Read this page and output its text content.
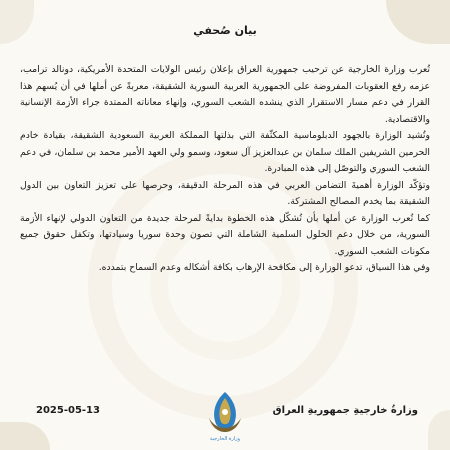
بيان صُحفي

تُعرب وزارة الخارجية عن ترحيب جمهورية العراق بإعلان رئيس الولايات المتحدة الأمريكية، دونالد ترامب، عزمه رفع العقوبات المفروضة على الجمهورية العربية السورية الشقيقة، معربةً عن أملها في أن يُسهم هذا القرار في دعم مسار الاستقرار الذي ينشده الشعب السوري، وإنهاء معاناته الممتدة جراء الأزمة الإنسانية والاقتصادية.

وتُشيد الوزارة بالجهود الدبلوماسية المكثّفة التي بذلتها المملكة العربية السعودية الشقيقة، بقيادة خادم الحرمين الشريفين الملك سلمان بن عبدالعزيز آل سعود، وسمو ولي العهد الأمير محمد بن سلمان، في دعم الشعب السوري والتوصّل إلى هذه المبادرة.

وتؤكّد الوزارة أهميةَ التضامن العربي في هذه المرحلة الدقيقة، وحرصها على تعزيز التعاون بين الدول الشقيقة بما يخدم المصالح المشتركة.

كما تُعرب الوزارة عن أملها بأن تُشكّل هذه الخطوة بدايةً لمرحلة جديدة من التعاون الدولي لإنهاء الأزمة السورية، من خلال دعم الحلول السلمية الشاملة التي تصون وحدة سوريا وسيادتها، وتكفل حقوق جميع مكونات الشعب السوري.

وفي هذا السياق، تدعو الوزارة إلى مكافحة الإرهاب بكافة أشكاله وعدم السماح بتمدده.

وزارةُ خارجيةِ جمهوريةِ العراق
2025-05-13
وزارة الخارجية
